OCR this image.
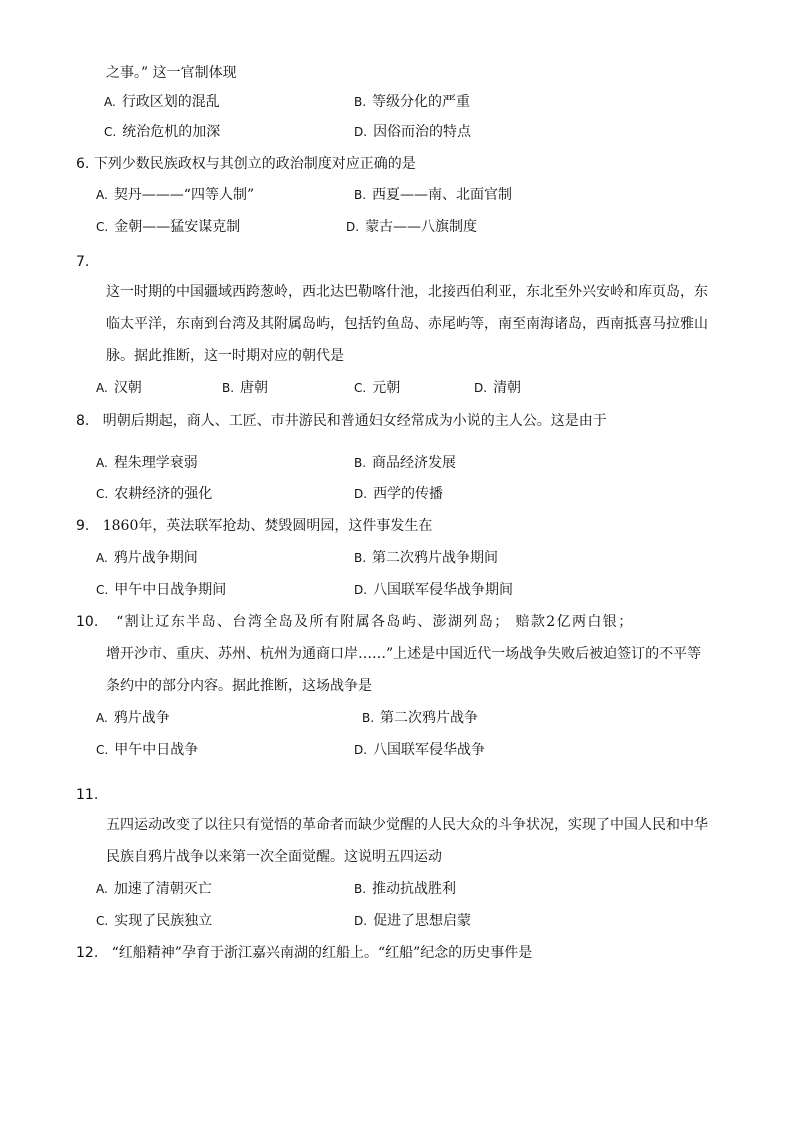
之事。” 这一官制体现
A. 行政区划的混乱	B. 等级分化的严重
C. 统治危机的加深	D. 因俗而治的特点
6. 下列少数民族政权与其创立的政治制度对应正确的是
A. 契丹———“四等人制”	B. 西夏——南、北面官制
C. 金朝——猛安谋克制	D. 蒙古——八旗制度
7.
这一时期的中国疆域西跨葱岭，西北达巴勒喀什池，北接西伯利亚，东北至外兴安岭和库页岛，东
临太平洋，东南到台湾及其附属岛屿，包括钓鱼岛、赤尾屿等，南至南海诸岛，西南抵喜马拉雅山
脉。据此推断，这一时期对应的朝代是
A. 汉朝	B. 唐朝	C. 元朝	D. 清朝
8. 明朝后期起，商人、工匠、市井游民和普通妇女经常成为小说的主人公。这是由于
A. 程朱理学衰弱	B. 商品经济发展
C. 农耕经济的强化	D. 西学的传播
9. 1860年，英法联军抢劫、焚毁圆明园，这件事发生在
A. 鸦片战争期间	B. 第二次鸦片战争期间
C. 甲午中日战争期间	D. 八国联军侵华战争期间
10. “割让辽东半岛、台湾全岛及所有附属各岛屿、澎湖列岛； 赔款2亿两白银；
增开沙市、重庆、苏州、杭州为通商口岸……”上述是中国近代一场战争失败后被迫签订的不平等
条约中的部分内容。据此推断，这场战争是
A. 鸦片战争	B. 第二次鸦片战争
C. 甲午中日战争	D. 八国联军侵华战争
11.
五四运动改变了以往只有觉悟的革命者而缺少觉醒的人民大众的斗争状况，实现了中国人民和中华
民族自鸦片战争以来第一次全面觉醒。这说明五四运动
A. 加速了清朝灭亡	B. 推动抗战胜利
C. 实现了民族独立	D. 促进了思想启蒙
12. “红船精神”孕育于浙江嘉兴南湖的红船上。“红船”纪念的历史事件是
